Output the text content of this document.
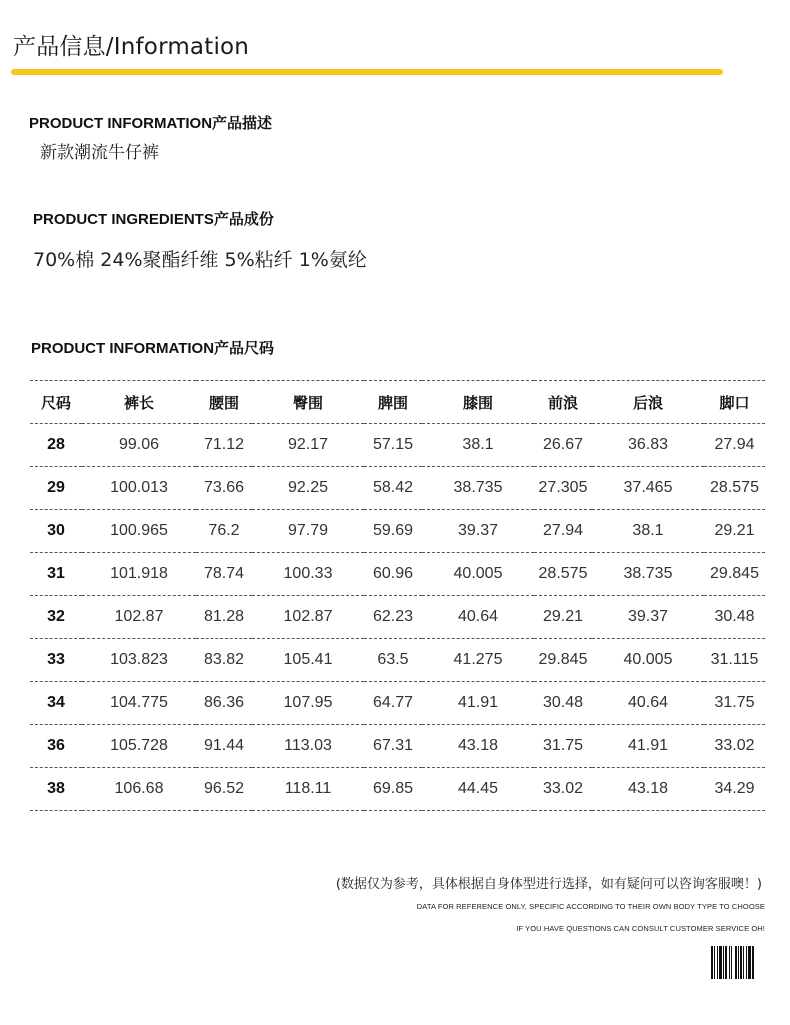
产品信息/Information
PRODUCT INFORMATION产品描述
新款潮流牛仔裤
PRODUCT INGREDIENTS产品成份
70%棉 24%聚酯纤维 5%粘纤 1%氨纶
PRODUCT INFORMATION产品尺码
尺码	裤长	腰围	臀围	脾围	膝围	前浪	后浪	脚口
28	99.06	71.12	92.17	57.15	38.1	26.67	36.83	27.94
29	100.013	73.66	92.25	58.42	38.735	27.305	37.465	28.575
30	100.965	76.2	97.79	59.69	39.37	27.94	38.1	29.21
31	101.918	78.74	100.33	60.96	40.005	28.575	38.735	29.845
32	102.87	81.28	102.87	62.23	40.64	29.21	39.37	30.48
33	103.823	83.82	105.41	63.5	41.275	29.845	40.005	31.115
34	104.775	86.36	107.95	64.77	41.91	30.48	40.64	31.75
36	105.728	91.44	113.03	67.31	43.18	31.75	41.91	33.02
38	106.68	96.52	118.11	69.85	44.45	33.02	43.18	34.29
(数据仅为参考，具体根据自身体型进行选择，如有疑问可以咨询客服噢！)
DATA FOR REFERENCE ONLY, SPECIFIC ACCORDING TO THEIR OWN BODY TYPE TO CHOOSE
IF YOU HAVE QUESTIONS CAN CONSULT CUSTOMER SERVICE OH!
